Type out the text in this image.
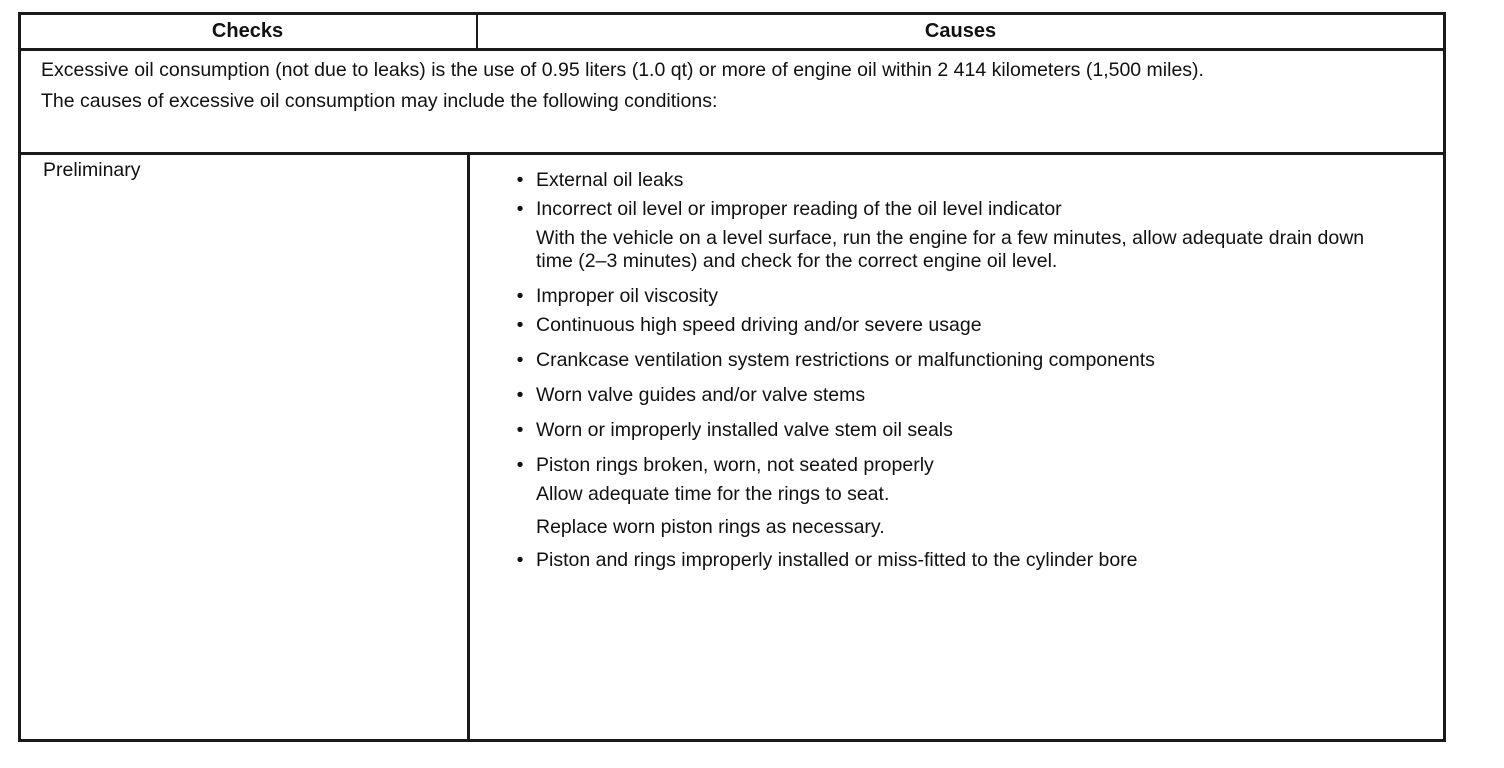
Checks	Causes

Excessive oil consumption (not due to leaks) is the use of 0.95 liters (1.0 qt) or more of engine oil within 2 414 kilometers (1,500 miles).

The causes of excessive oil consumption may include the following conditions:

Preliminary	• External oil leaks
• Incorrect oil level or improper reading of the oil level indicator
With the vehicle on a level surface, run the engine for a few minutes, allow adequate drain down time (2–3 minutes) and check for the correct engine oil level.
• Improper oil viscosity
• Continuous high speed driving and/or severe usage
• Crankcase ventilation system restrictions or malfunctioning components
• Worn valve guides and/or valve stems
• Worn or improperly installed valve stem oil seals
• Piston rings broken, worn, not seated properly
Allow adequate time for the rings to seat.
Replace worn piston rings as necessary.
• Piston and rings improperly installed or miss-fitted to the cylinder bore
